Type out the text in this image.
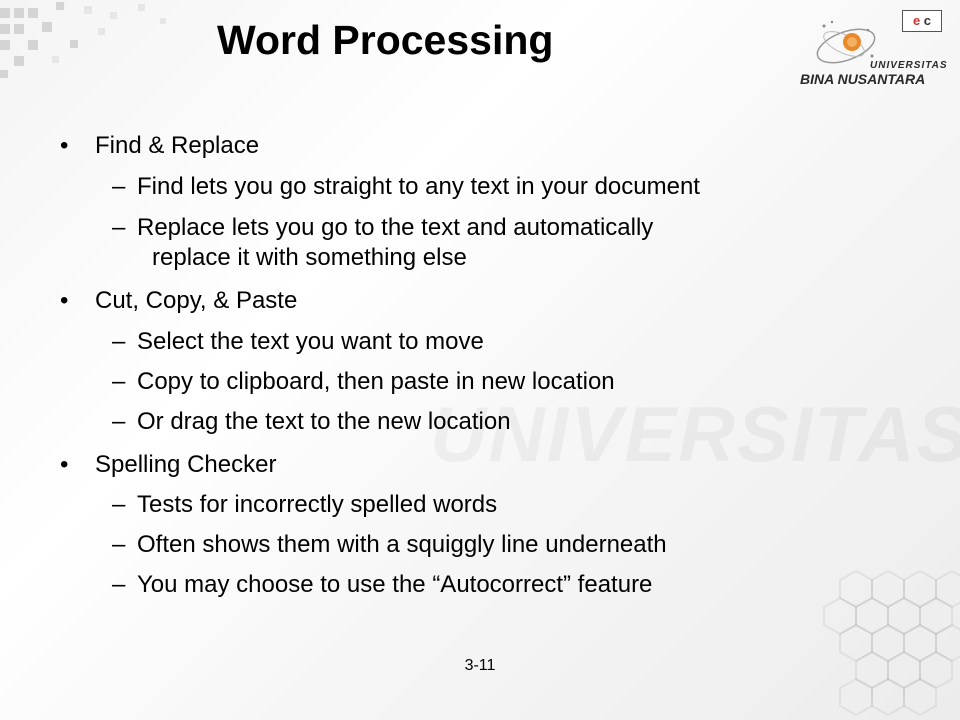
Word Processing	e c
UNIVERSITAS
BINA NUSANTARA
•	Find & Replace
– Find lets you go straight to any text in your document
– Replace lets you go to the text and automatically
replace it with something else
•	Cut, Copy, & Paste
– Select the text you want to move
– Copy to clipboard, then paste in new location
– Or drag the text to the new location
•	Spelling Checker
– Tests for incorrectly spelled words
– Often shows them with a squiggly line underneath
– You may choose to use the “Autocorrect” feature
3-11
